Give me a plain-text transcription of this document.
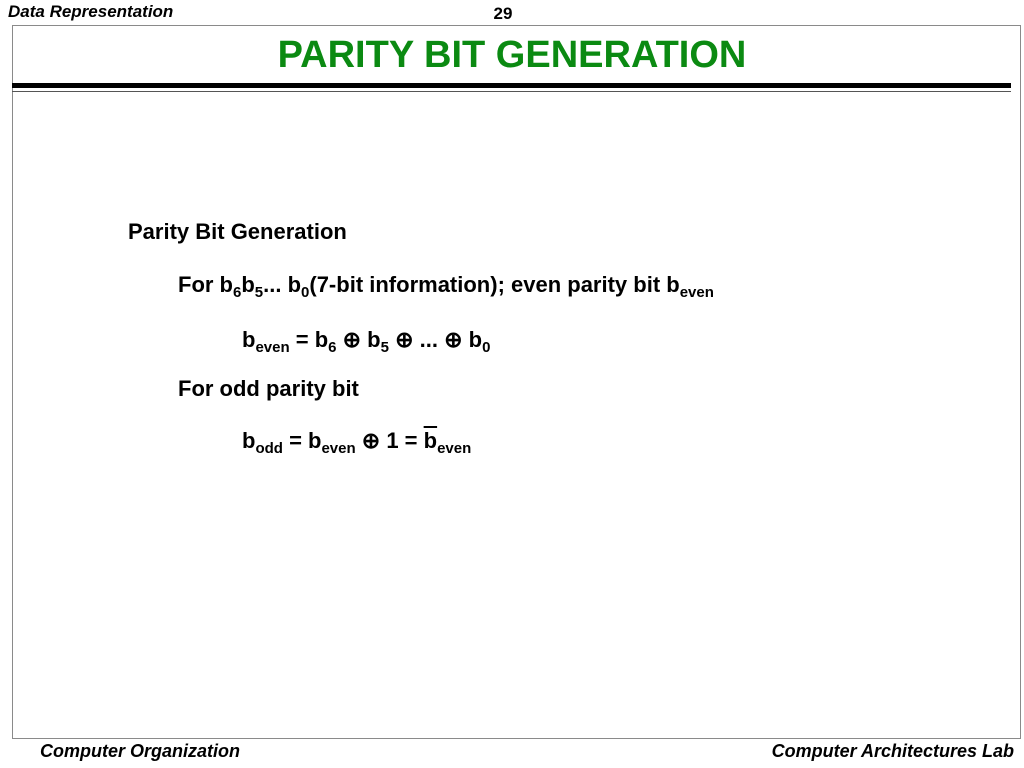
Data Representation	29
PARITY BIT GENERATION
Parity Bit Generation
For $b_6b_5$... $b_0(7$-bit information); even parity bit $b_{even}$
$b_{even} = b_6$ ⊕ $b_5$ ⊕ ... ⊕ $b_0$
For odd parity bit
$b_{odd} = b_{even}$ ⊕ $1 = \overline{b}_{even}$
Computer Organization	Computer Architectures Lab
